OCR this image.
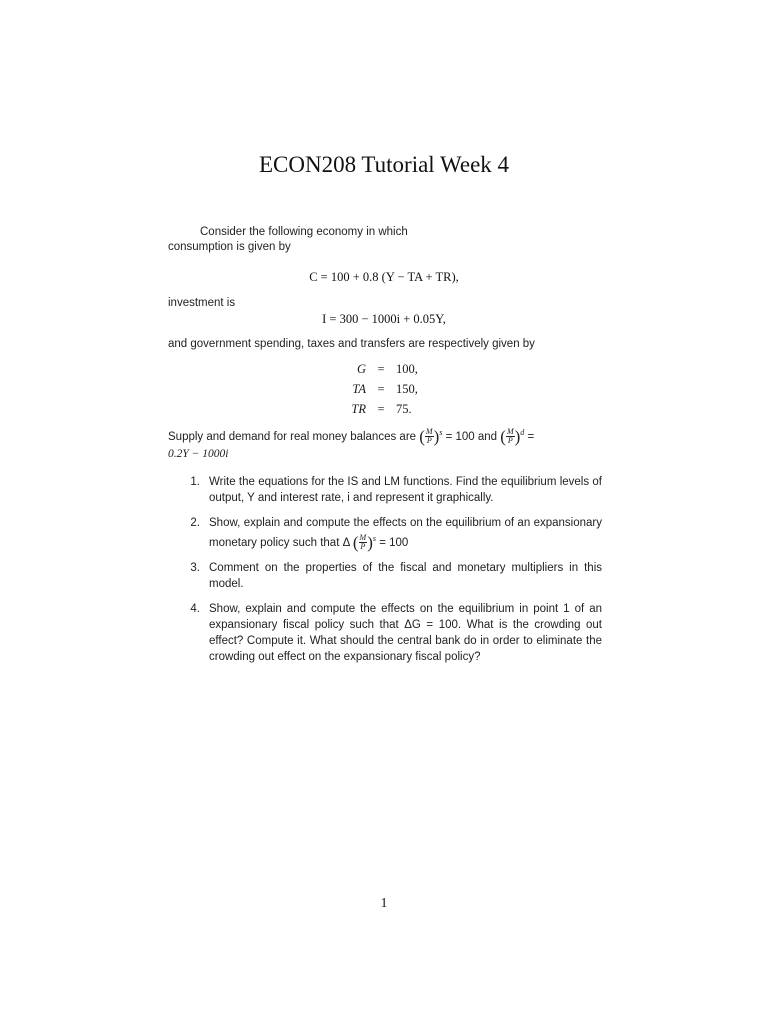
ECON208 Tutorial Week 4
Consider the following economy in which
consumption is given by
C = 100 + 0.8 (Y − TA + TR),
investment is
I = 300 − 1000i + 0.05Y,
and government spending, taxes and transfers are respectively given by
G = 100,
TA = 150,
TR = 75.
Supply and demand for real money balances are ( $\frac{M}{P} )^s = 100$ and ( $\frac{M}{P} )^d$ =
0.2Y − 1000i
1. Write the equations for the IS and LM functions. Find the equilibrium levels of output, Y and interest rate, i and represent it graphically.
2. Show, explain and compute the effects on the equilibrium of an expansionary monetary policy such that Δ ( $\frac{M}{P} )^s = 100$
3. Comment on the properties of the fiscal and monetary multipliers in this model.
4. Show, explain and compute the effects on the equilibrium in point 1 of an expansionary fiscal policy such that ΔG = 100. What is the crowding out effect? Compute it. What should the central bank do in order to eliminate the crowding out effect on the expansionary fiscal policy?
1
